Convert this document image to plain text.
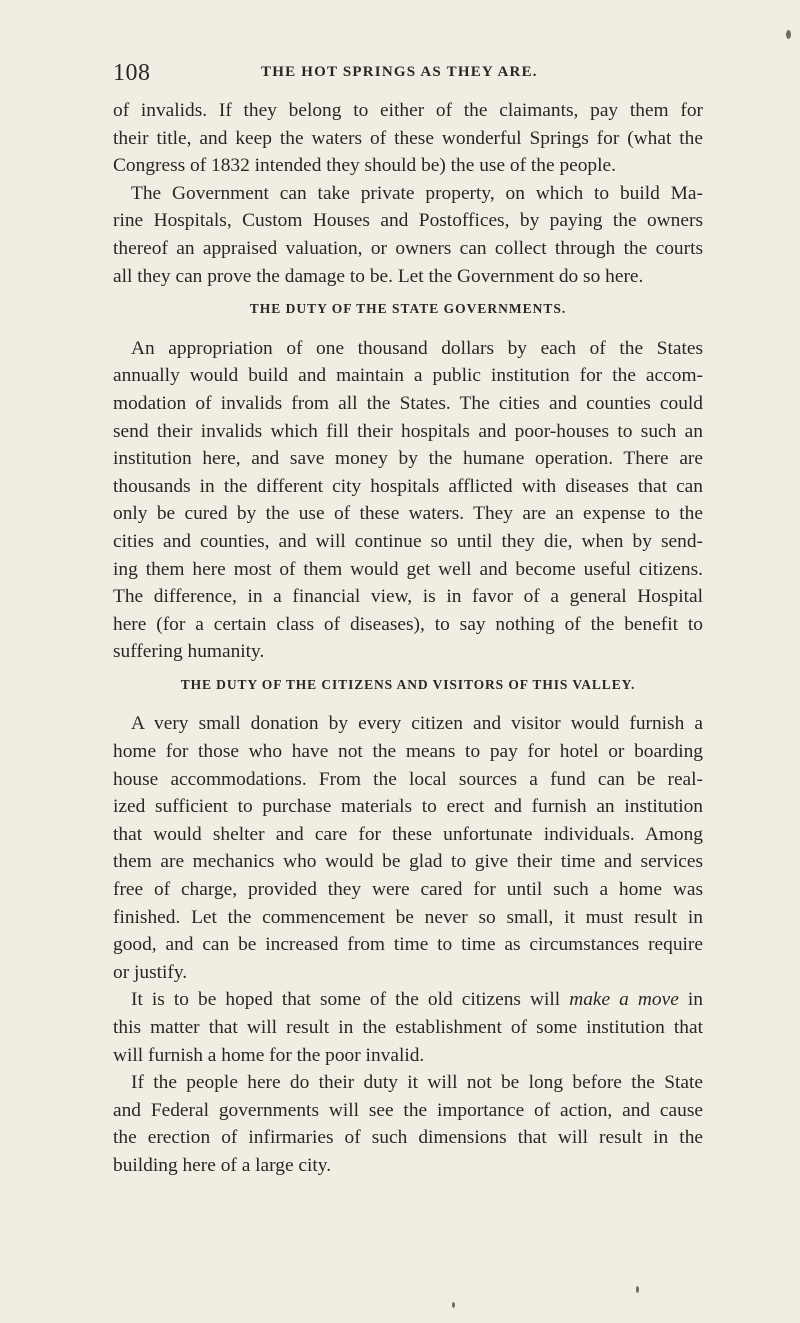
108	THE HOT SPRINGS AS THEY ARE.
of invalids. If they belong to either of the claimants, pay them for
their title, and keep the waters of these wonderful Springs for (what the
Congress of 1832 intended they should be) the use of the people.
The Government can take private property, on which to build Ma-
rine Hospitals, Custom Houses and Postoffices, by paying the owners
thereof an appraised valuation, or owners can collect through the courts
all they can prove the damage to be. Let the Government do so here.
THE DUTY OF THE STATE GOVERNMENTS.
An appropriation of one thousand dollars by each of the States
annually would build and maintain a public institution for the accom-
modation of invalids from all the States. The cities and counties could
send their invalids which fill their hospitals and poor-houses to such an
institution here, and save money by the humane operation. There are
thousands in the different city hospitals afflicted with diseases that can
only be cured by the use of these waters. They are an expense to the
cities and counties, and will continue so until they die, when by send-
ing them here most of them would get well and become useful citizens.
The difference, in a financial view, is in favor of a general Hospital
here (for a certain class of diseases), to say nothing of the benefit to
suffering humanity.
THE DUTY OF THE CITIZENS AND VISITORS OF THIS VALLEY.
A very small donation by every citizen and visitor would furnish a
home for those who have not the means to pay for hotel or boarding
house accommodations. From the local sources a fund can be real-
ized sufficient to purchase materials to erect and furnish an institution
that would shelter and care for these unfortunate individuals. Among
them are mechanics who would be glad to give their time and services
free of charge, provided they were cared for until such a home was
finished. Let the commencement be never so small, it must result in
good, and can be increased from time to time as circumstances require
or justify.
It is to be hoped that some of the old citizens will make a move in
this matter that will result in the establishment of some institution that
will furnish a home for the poor invalid.
If the people here do their duty it will not be long before the State
and Federal governments will see the importance of action, and cause
the erection of infirmaries of such dimensions that will result in the
building here of a large city.
